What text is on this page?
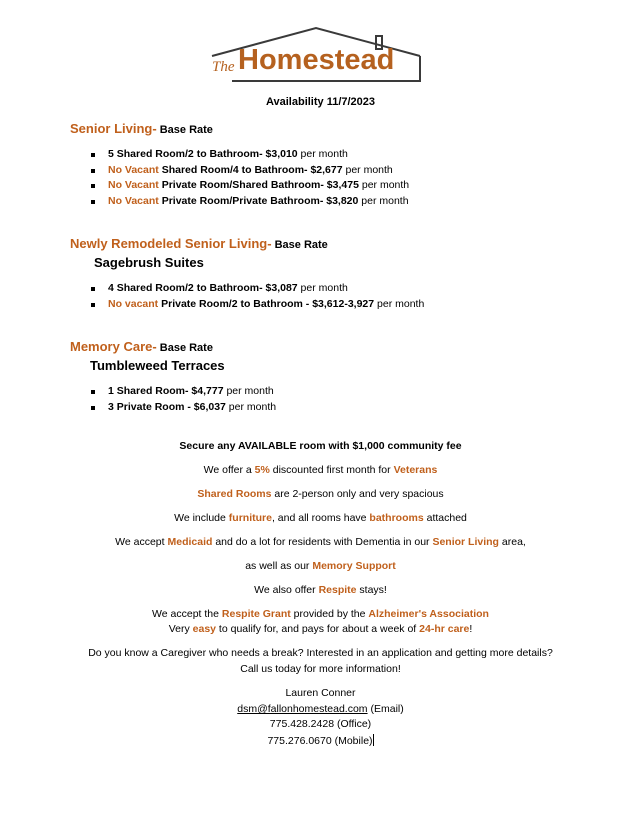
The Homestead
Availability 11/7/2023
Senior Living- Base Rate
5 Shared Room/2 to Bathroom- $3,010 per month
No Vacant Shared Room/4 to Bathroom- $2,677 per month
No Vacant Private Room/Shared Bathroom- $3,475 per month
No Vacant Private Room/Private Bathroom- $3,820 per month
Newly Remodeled Senior Living- Base Rate
Sagebrush Suites
4 Shared Room/2 to Bathroom- $3,087 per month
No vacant Private Room/2 to Bathroom - $3,612-3,927 per month
Memory Care- Base Rate
Tumbleweed Terraces
1 Shared Room- $4,777 per month
3 Private Room - $6,037 per month
Secure any AVAILABLE room with $1,000 community fee
We offer a 5% discounted first month for Veterans
Shared Rooms are 2-person only and very spacious
We include furniture, and all rooms have bathrooms attached
We accept Medicaid and do a lot for residents with Dementia in our Senior Living area,
as well as our Memory Support
We also offer Respite stays!
We accept the Respite Grant provided by the Alzheimer's Association
Very easy to qualify for, and pays for about a week of 24-hr care!
Do you know a Caregiver who needs a break? Interested in an application and getting more details?
Call us today for more information!
Lauren Conner
dsm@fallonhomestead.com (Email)
775.428.2428 (Office)
775.276.0670 (Mobile)
